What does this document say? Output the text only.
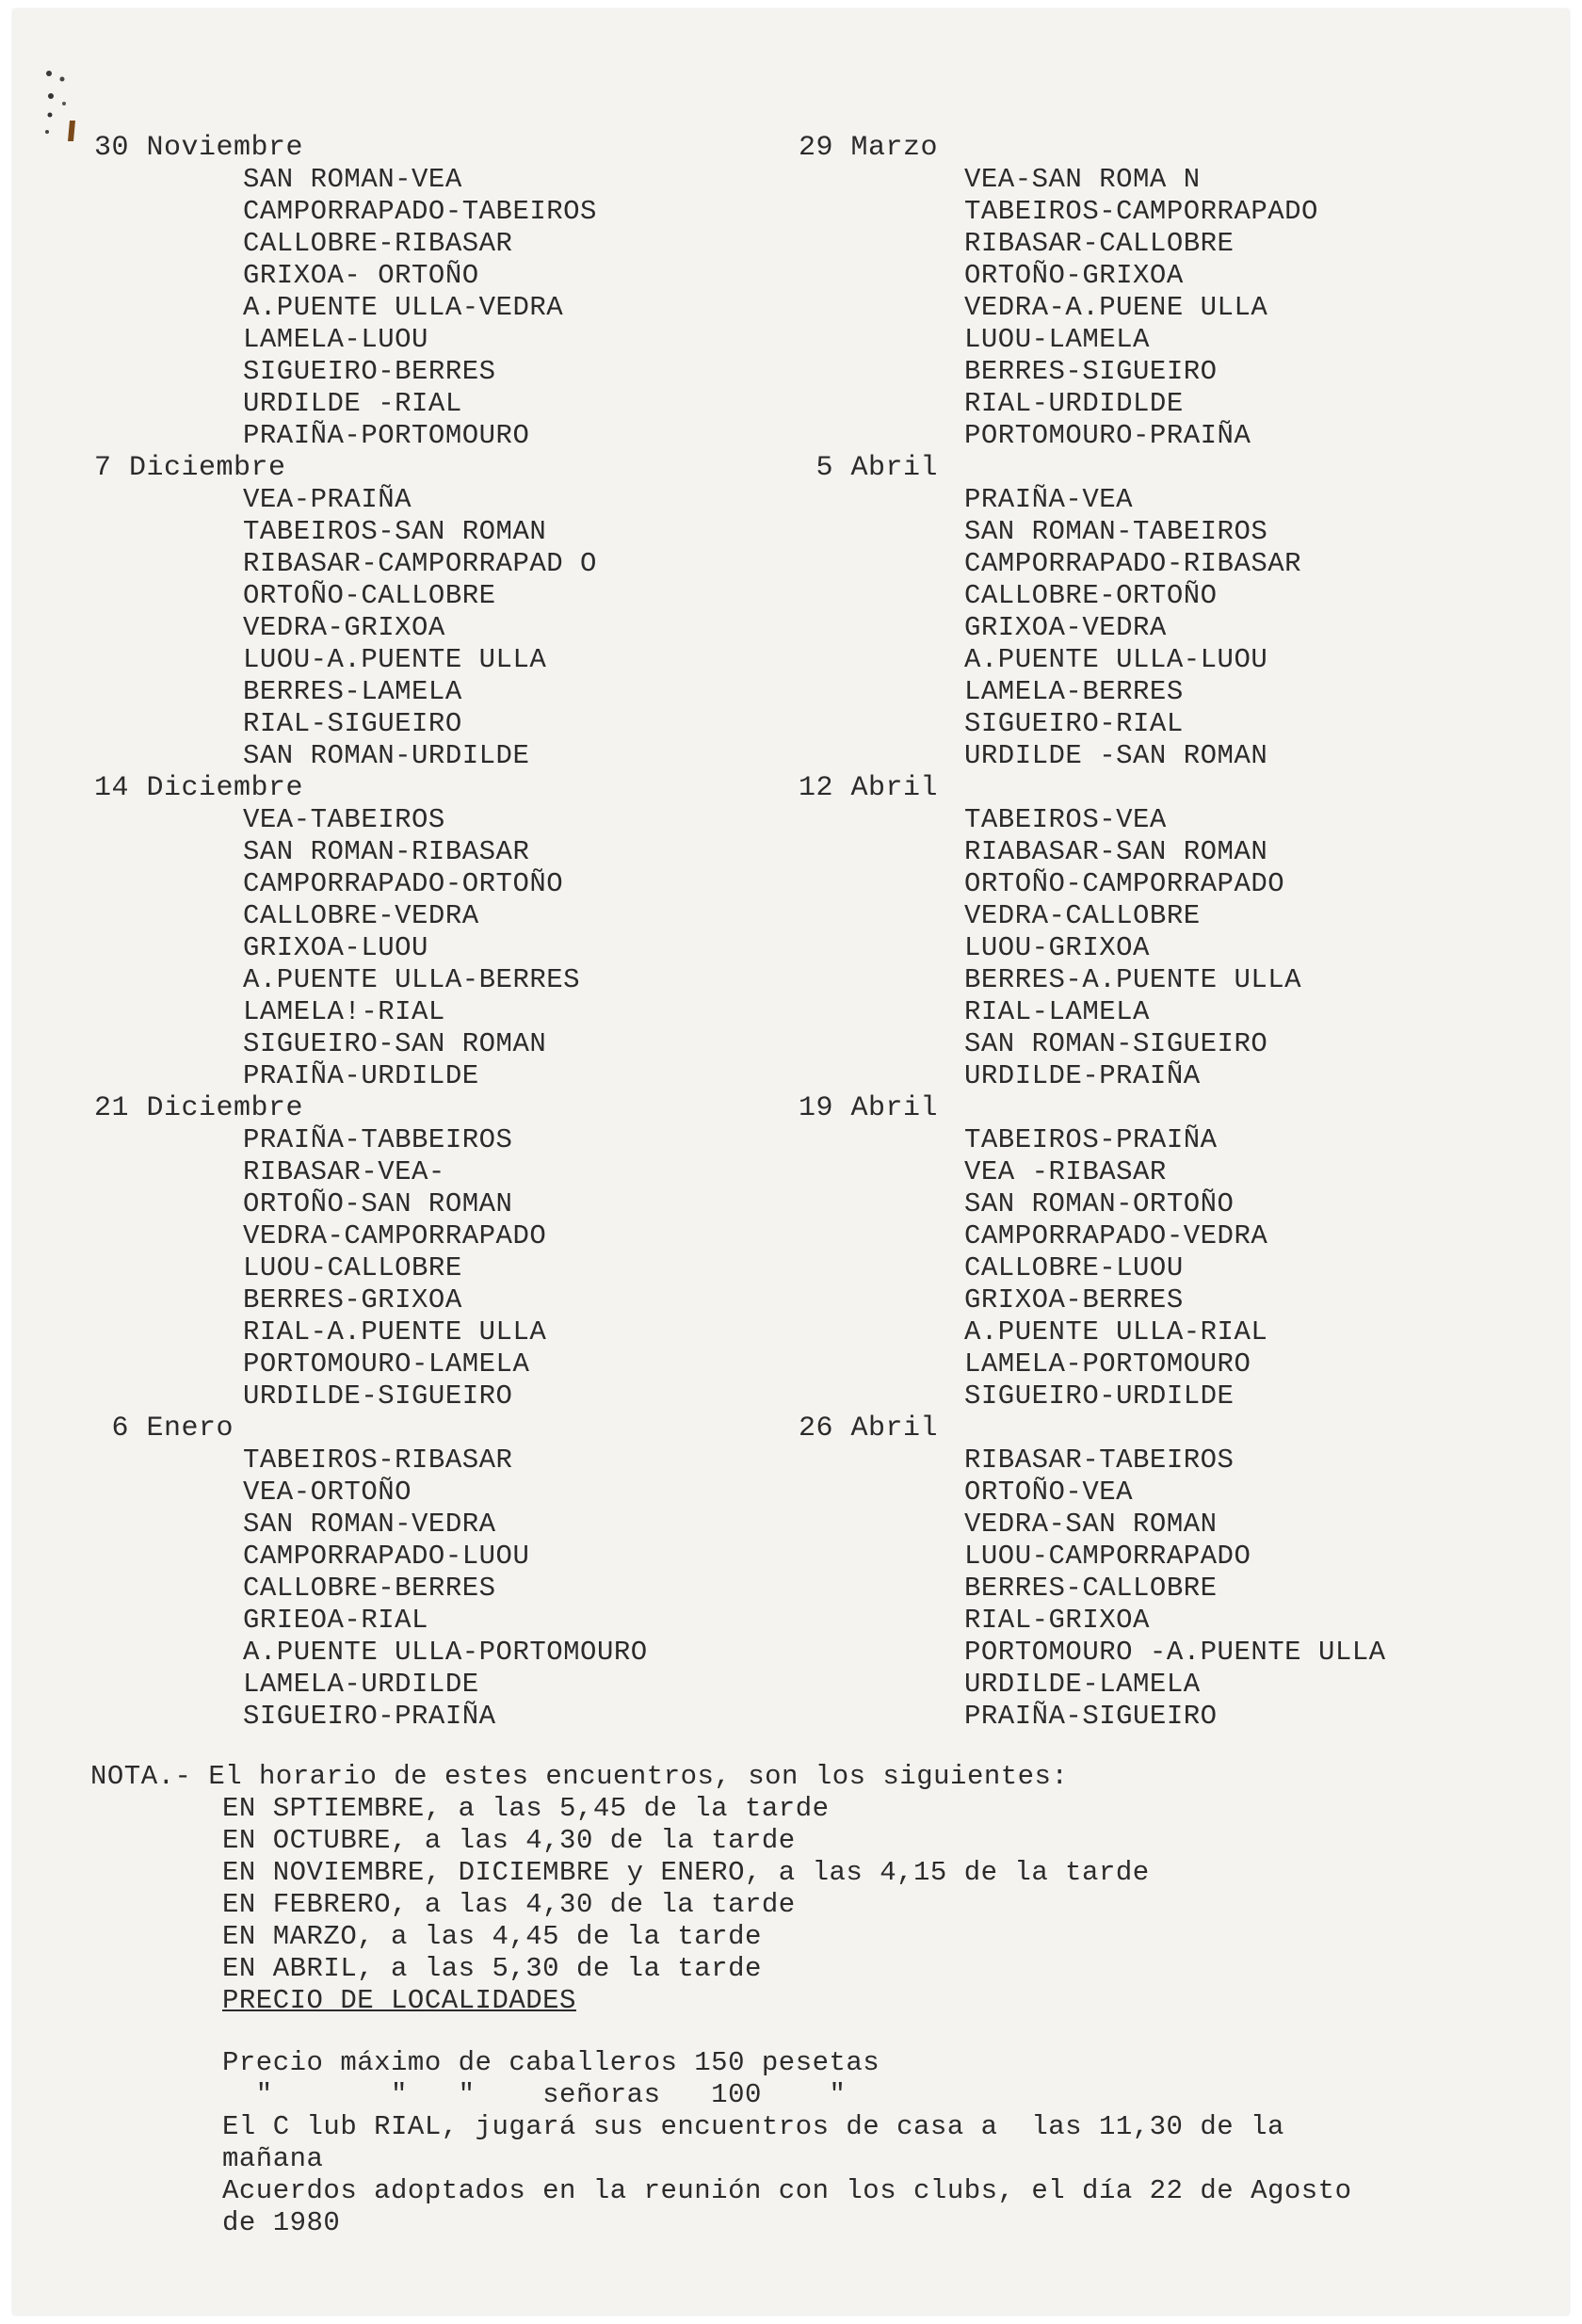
30 Noviembre
SAN ROMAN-VEA
CAMPORRAPADO-TABEIROS
CALLOBRE-RIBASAR
GRIXOA- ORTOÑO
A.PUENTE ULLA-VEDRA
LAMELA-LUOU
SIGUEIRO-BERRES
URDILDE -RIAL
PRAIÑA-PORTOMOURO
7 Diciembre
VEA-PRAIÑA
TABEIROS-SAN ROMAN
RIBASAR-CAMPORRAPAD O
ORTOÑO-CALLOBRE
VEDRA-GRIXOA
LUOU-A.PUENTE ULLA
BERRES-LAMELA
RIAL-SIGUEIRO
SAN ROMAN-URDILDE
14 Diciembre
VEA-TABEIROS
SAN ROMAN-RIBASAR
CAMPORRAPADO-ORTOÑO
CALLOBRE-VEDRA
GRIXOA-LUOU
A.PUENTE ULLA-BERRES
LAMELA!-RIAL
SIGUEIRO-SAN ROMAN
PRAIÑA-URDILDE
21 Diciembre
PRAIÑA-TABBEIROS
RIBASAR-VEA-
ORTOÑO-SAN ROMAN
VEDRA-CAMPORRAPADO
LUOU-CALLOBRE
BERRES-GRIXOA
RIAL-A.PUENTE ULLA
PORTOMOURO-LAMELA
URDILDE-SIGUEIRO
6 Enero
TABEIROS-RIBASAR
VEA-ORTOÑO
SAN ROMAN-VEDRA
CAMPORRAPADO-LUOU
CALLOBRE-BERRES
GRIEOA-RIAL
A.PUENTE ULLA-PORTOMOURO
LAMELA-URDILDE
SIGUEIRO-PRAIÑA
29 Marzo
VEA-SAN ROMA N
TABEIROS-CAMPORRAPADO
RIBASAR-CALLOBRE
ORTOÑO-GRIXOA
VEDRA-A.PUENE ULLA
LUOU-LAMELA
BERRES-SIGUEIRO
RIAL-URDIDLDE
PORTOMOURO-PRAIÑA
5 Abril
PRAIÑA-VEA
SAN ROMAN-TABEIROS
CAMPORRAPADO-RIBASAR
CALLOBRE-ORTOÑO
GRIXOA-VEDRA
A.PUENTE ULLA-LUOU
LAMELA-BERRES
SIGUEIRO-RIAL
URDILDE -SAN ROMAN
12 Abril
TABEIROS-VEA
RIABASAR-SAN ROMAN
ORTOÑO-CAMPORRAPADO
VEDRA-CALLOBRE
LUOU-GRIXOA
BERRES-A.PUENTE ULLA
RIAL-LAMELA
SAN ROMAN-SIGUEIRO
URDILDE-PRAIÑA
19 Abril
TABEIROS-PRAIÑA
VEA -RIBASAR
SAN ROMAN-ORTOÑO
CAMPORRAPADO-VEDRA
CALLOBRE-LUOU
GRIXOA-BERRES
A.PUENTE ULLA-RIAL
LAMELA-PORTOMOURO
SIGUEIRO-URDILDE
26 Abril
RIBASAR-TABEIROS
ORTOÑO-VEA
VEDRA-SAN ROMAN
LUOU-CAMPORRAPADO
BERRES-CALLOBRE
RIAL-GRIXOA
PORTOMOURO -A.PUENTE ULLA
URDILDE-LAMELA
PRAIÑA-SIGUEIRO
NOTA.- El horario de estes encuentros, son los siguientes:
EN SPTIEMBRE, a las 5,45 de la tarde
EN OCTUBRE, a las 4,30 de la tarde
EN NOVIEMBRE, DICIEMBRE y ENERO, a las 4,15 de la tarde
EN FEBRERO, a las 4,30 de la tarde
EN MARZO, a las 4,45 de la tarde
EN ABRIL, a las 5,30 de la tarde
PRECIO DE LOCALIDADES
Precio máximo de caballeros 150 pesetas
"       "   "    señoras   100    "
El C lub RIAL, jugará sus encuentros de casa a  las 11,30 de la
mañana
Acuerdos adoptados en la reunión con los clubs, el día 22 de Agosto
de 1980
